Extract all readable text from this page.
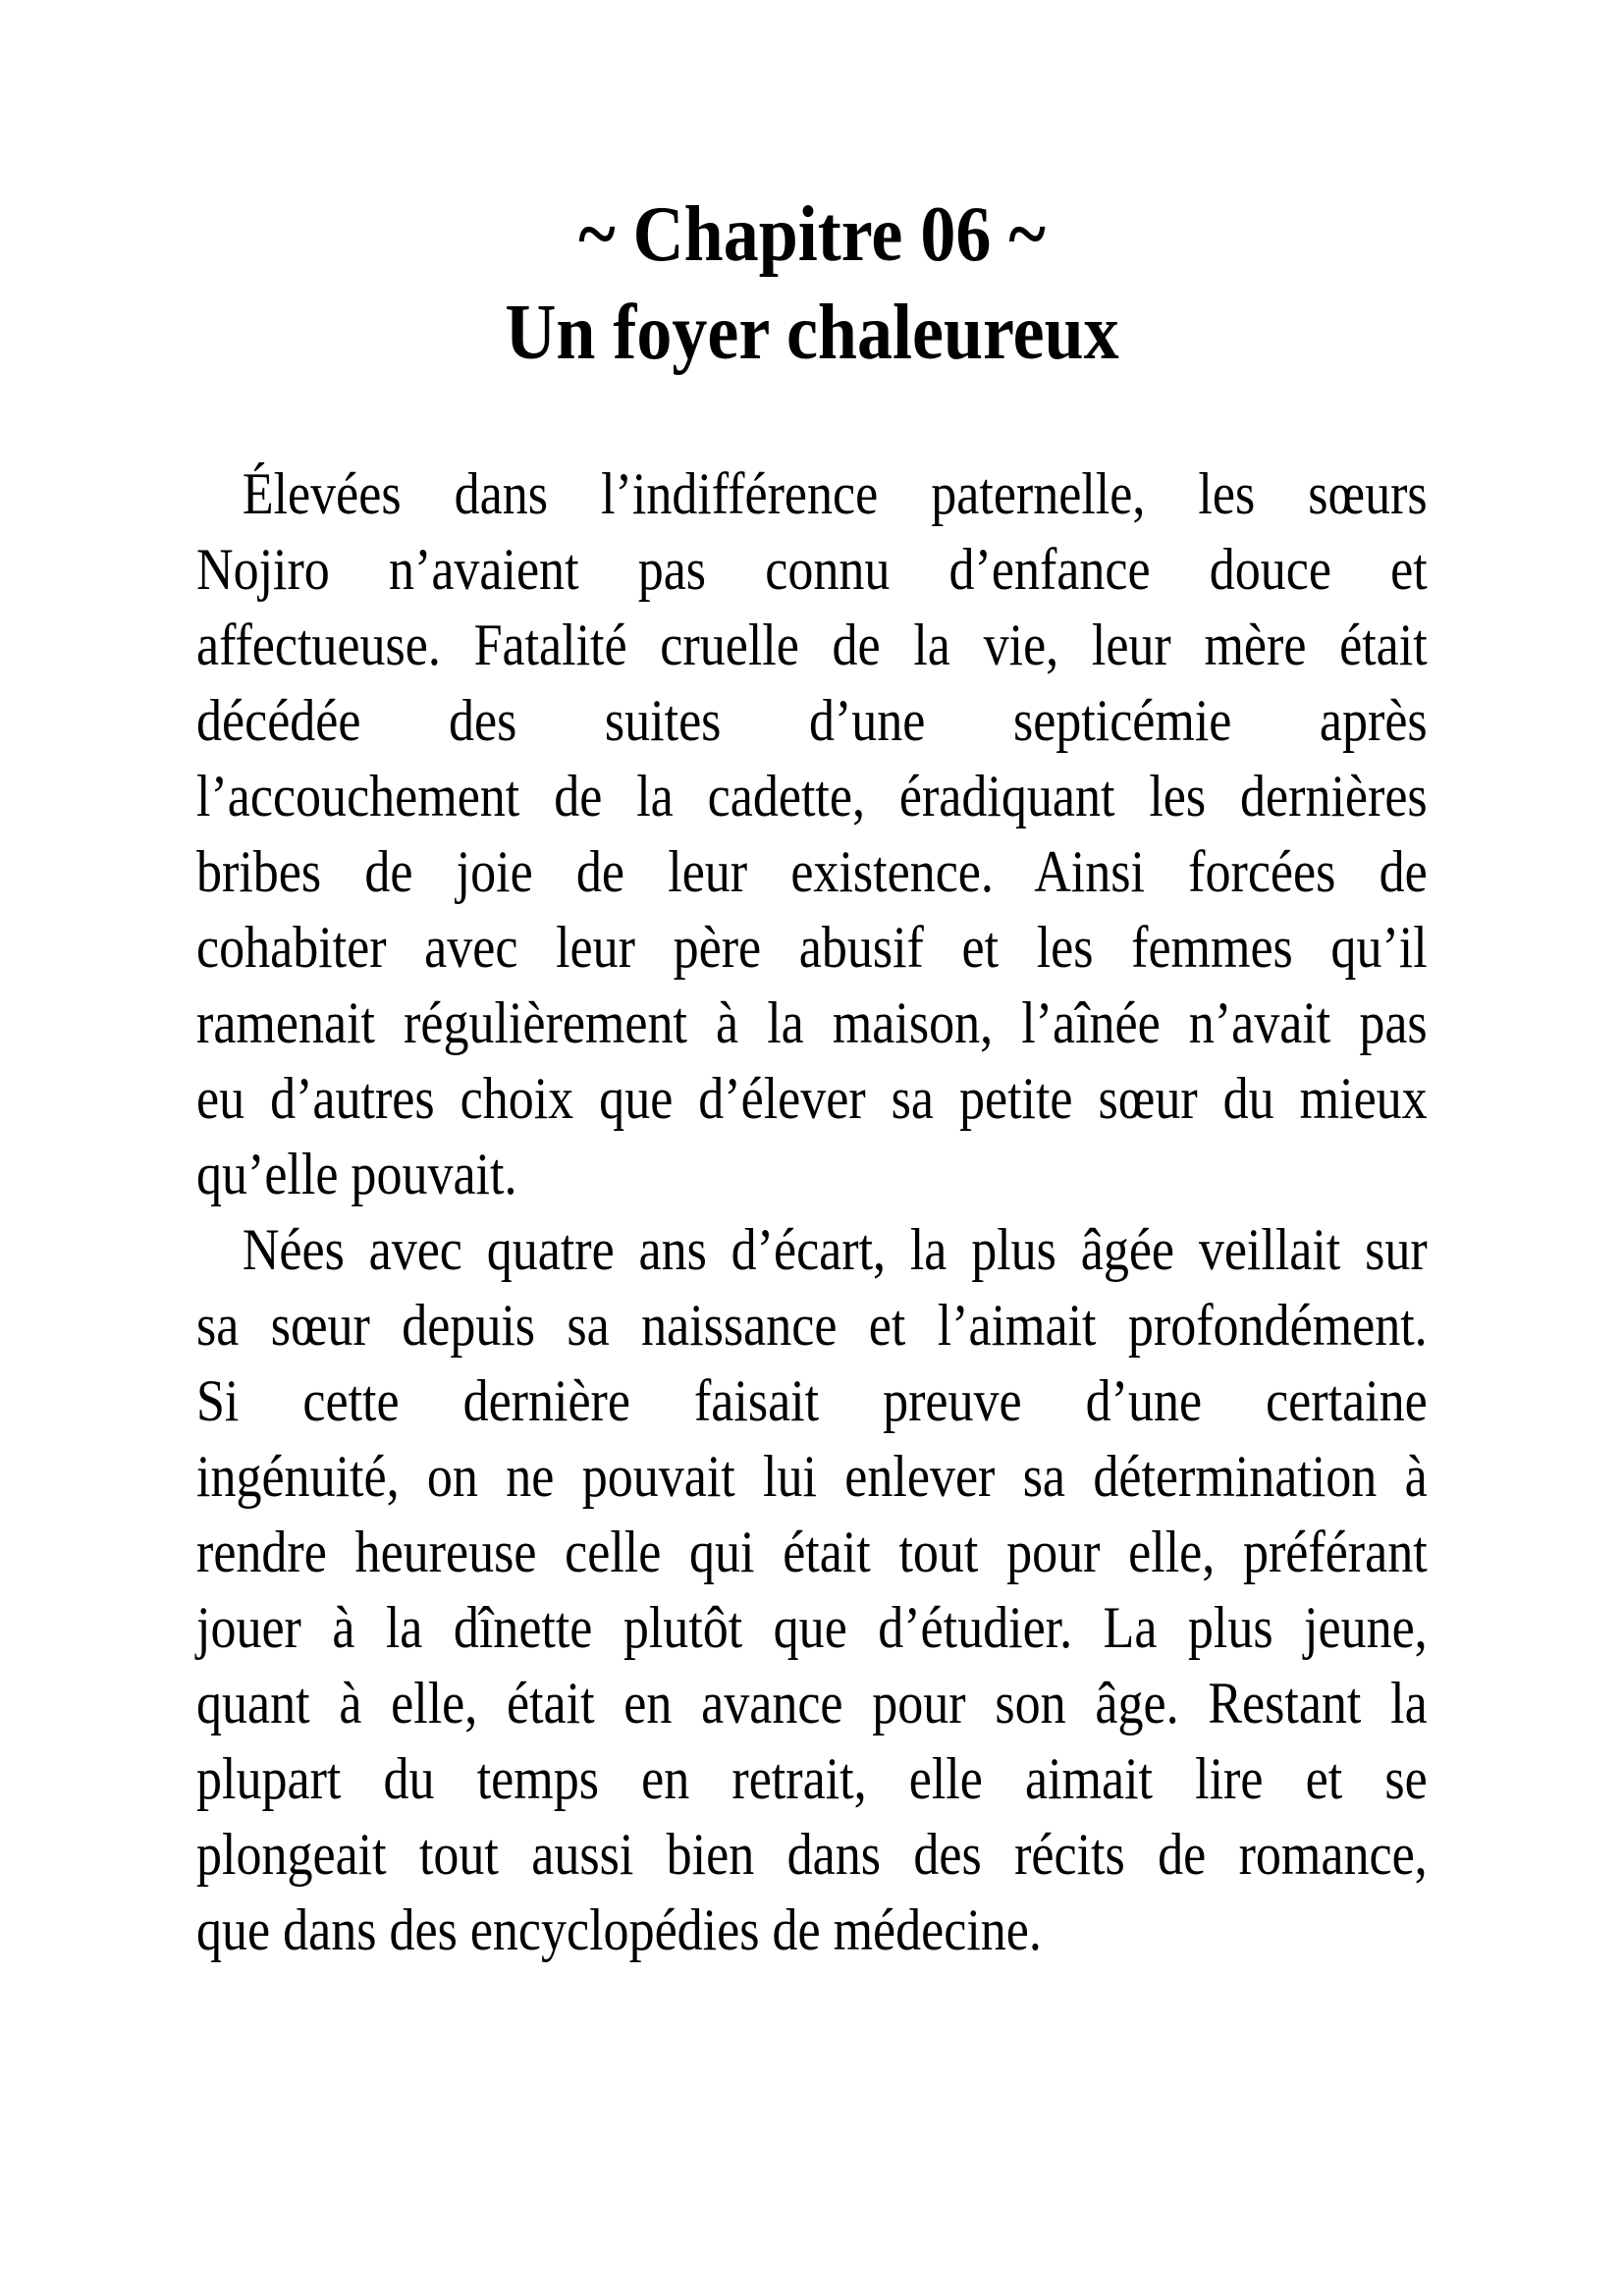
~ Chapitre 06 ~
Un foyer chaleureux
Élevées dans l’indifférence paternelle, les sœurs
Nojiro n’avaient pas connu d’enfance douce et
affectueuse. Fatalité cruelle de la vie, leur mère était
décédée des suites d’une septicémie après
l’accouchement de la cadette, éradiquant les dernières
bribes de joie de leur existence. Ainsi forcées de
cohabiter avec leur père abusif et les femmes qu’il
ramenait régulièrement à la maison, l’aînée n’avait pas
eu d’autres choix que d’élever sa petite sœur du mieux
qu’elle pouvait.
Nées avec quatre ans d’écart, la plus âgée veillait sur
sa sœur depuis sa naissance et l’aimait profondément.
Si cette dernière faisait preuve d’une certaine
ingénuité, on ne pouvait lui enlever sa détermination à
rendre heureuse celle qui était tout pour elle, préférant
jouer à la dînette plutôt que d’étudier. La plus jeune,
quant à elle, était en avance pour son âge. Restant la
plupart du temps en retrait, elle aimait lire et se
plongeait tout aussi bien dans des récits de romance,
que dans des encyclopédies de médecine.
